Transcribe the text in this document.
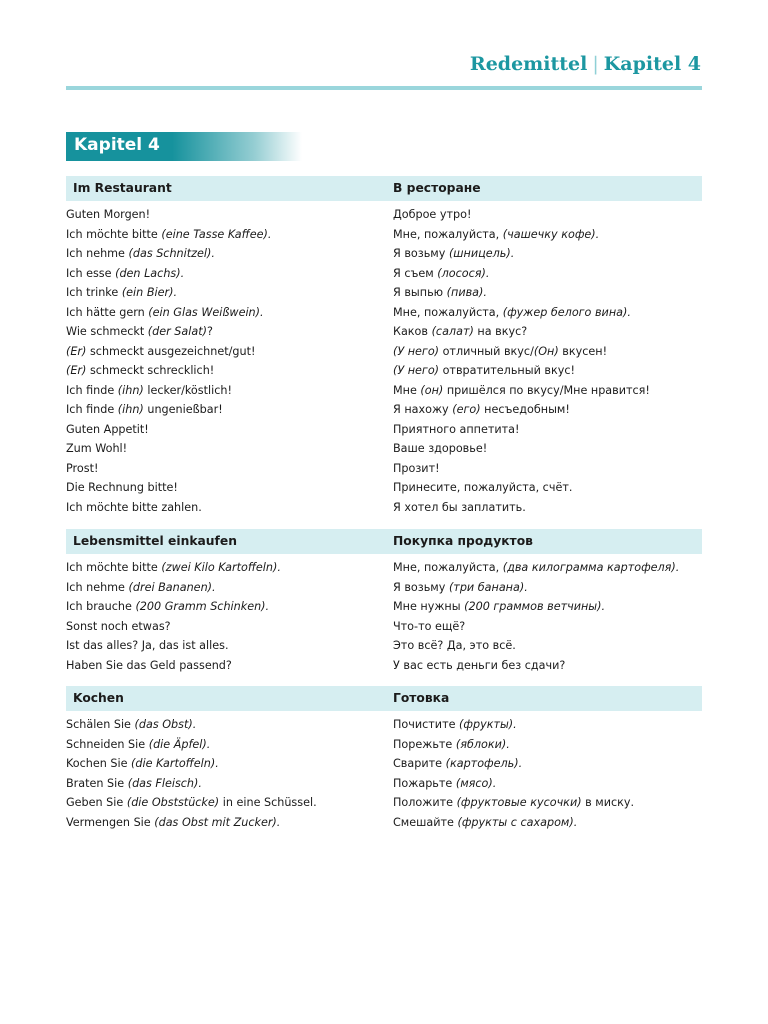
Redemittel | Kapitel 4
Kapitel 4
Im Restaurant	В ресторане
Guten Morgen!	Доброе утро!
Ich möchte bitte (eine Tasse Kaffee).	Мне, пожалуйста, (чашечку кофе).
Ich nehme (das Schnitzel).	Я возьму (шницель).
Ich esse (den Lachs).	Я съем (лосося).
Ich trinke (ein Bier).	Я выпью (пива).
Ich hätte gern (ein Glas Weißwein).	Мне, пожалуйста, (фужер белого вина).
Wie schmeckt (der Salat)?	Каков (салат) на вкус?
(Er) schmeckt ausgezeichnet/gut!	(У него) отличный вкус/(Он) вкусен!
(Er) schmeckt schrecklich!	(У него) отвратительный вкус!
Ich finde (ihn) lecker/köstlich!	Мне (он) пришёлся по вкусу/Мне нравится!
Ich finde (ihn) ungenießbar!	Я нахожу (его) несъедобным!
Guten Appetit!	Приятного аппетита!
Zum Wohl!	Ваше здоровье!
Prost!	Прозит!
Die Rechnung bitte!	Принесите, пожалуйста, счёт.
Ich möchte bitte zahlen.	Я хотел бы заплатить.
Lebensmittel einkaufen	Покупка продуктов
Ich möchte bitte (zwei Kilo Kartoffeln).	Мне, пожалуйста, (два килограмма картофеля).
Ich nehme (drei Bananen).	Я возьму (три банана).
Ich brauche (200 Gramm Schinken).	Мне нужны (200 граммов ветчины).
Sonst noch etwas?	Что-то ещё?
Ist das alles? Ja, das ist alles.	Это всё? Да, это всё.
Haben Sie das Geld passend?	У вас есть деньги без сдачи?
Kochen	Готовка
Schälen Sie (das Obst).	Почистите (фрукты).
Schneiden Sie (die Äpfel).	Порежьте (яблоки).
Kochen Sie (die Kartoffeln).	Сварите (картофель).
Braten Sie (das Fleisch).	Пожарьте (мясо).
Geben Sie (die Obststücke) in eine Schüssel.	Положите (фруктовые кусочки) в миску.
Vermengen Sie (das Obst mit Zucker).	Смешайте (фрукты с сахаром).
